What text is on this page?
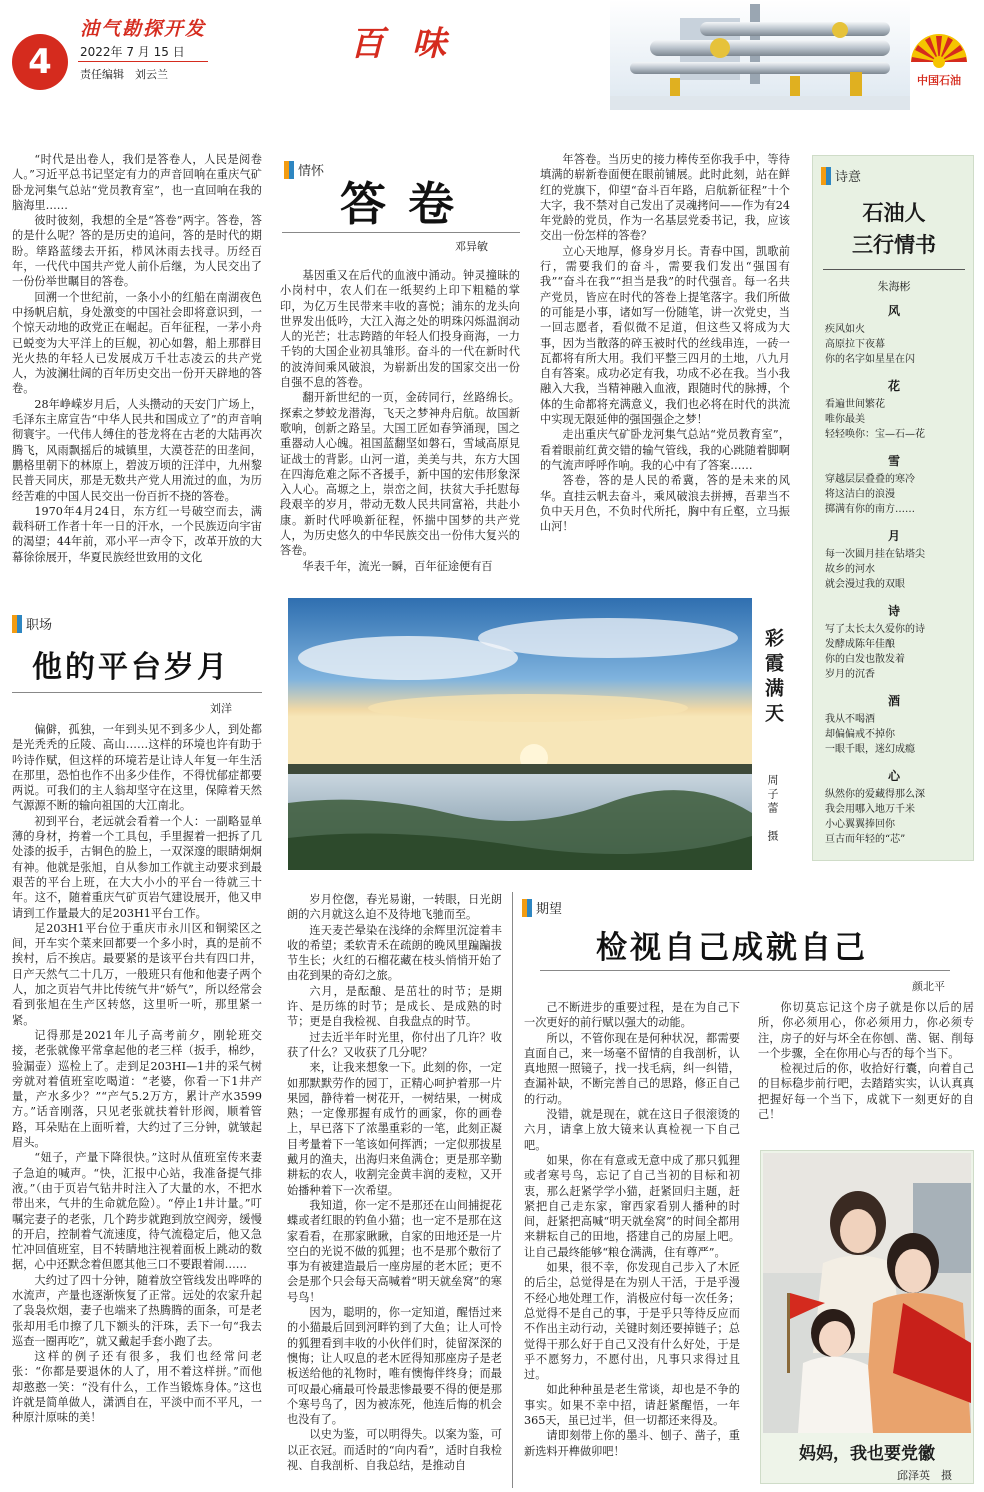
4
油气勘探开发
2022年 7 月 15 日
责任编辑　刘云兰
百味
中国石油

“时代是出卷人，我们是答卷人，人民是阅卷人。”习近平总书记坚定有力的声音回响在重庆气矿卧龙河集气总站“党员教育室”，也一直回响在我的脑海里……

彼时彼刻，我想的全是“答卷”两字。答卷，答的是什么呢？答的是历史的追问，答的是时代的期盼。筚路蓝缕去开拓，栉风沐雨去找寻。历经百年，一代代中国共产党人前仆后继，为人民交出了一份份举世瞩目的答卷。

回溯一个世纪前，一条小小的红船在南湖夜色中扬帆启航，身处激变的中国社会即将意识到，一个惊天动地的政党正在崛起。百年征程，一茅小舟已蜕变为大平洋上的巨舰，初心如磐，船上那群目光火热的年轻人已发展成万千壮志凌云的共产党人，为波澜壮阔的百年历史交出一份开天辟地的答卷。

28年峥嵘岁月后，人头攒动的天安门广场上，毛泽东主席宣告“中华人民共和国成立了”的声音响彻寰宇。一代伟人缚住的苍龙将在古老的大陆再次腾飞，风雨飘摇后的城镇里，大漠苍茫的田垄间，鹏格里朝下的林原上，碧波万顷的汪洋中，九州黎民普天同庆，那是无数共产党人用流过的血，为历经苦难的中国人民交出一份百折不挠的答卷。

1970年4月24日，东方红一号破空而去，满载科研工作者十年一日的汗水，一个民族迈向宇宙的渴望；44年前，邓小平一声令下，改革开放的大幕徐徐展开，华夏民族经世致用的文化

情怀
答卷
邓异敏

基因重又在后代的血液中涌动。钟灵撞昧的小岗村中，农人们在一纸契约上印下粗糙的掌印，为亿万生民带来丰收的喜悦；浦东的龙头向世界发出低吟，大江入海之处的明珠闪烁温润动人的光芒；壮志跨踏的年轻人们投身商海，一力千钧的大国企业初具雏形。奋斗的一代在新时代的波涛间乘风破浪，为崭新出发的国家交出一份自强不息的答卷。

翻开新世纪的一页，金砖同行，丝路绵长。探索之梦蛟龙潜海，飞天之梦神舟启航。故国新歌响，创新之路呈。大国工匠如春笋涌现，国之重器动人心魄。祖国蓝翻坚如磐石，雪域高原見证战士的背影。山河一道，美美与共，东方大国在四海危难之际不吝援手，新中国的宏伟形象深入人心。高塬之上，崇峦之间，扶贫大手托慰每段艰辛的岁月，带动无数人民共同富裕，共赴小康。新时代呼唤新征程，怀揣中国梦的共产党人，为历史悠久的中华民族交出一份伟大复兴的答卷。

华表千年，流光一瞬，百年征途便有百

年答卷。当历史的接力棒传至你我手中，等待填满的崭新卷面便在眼前铺展。此时此刻，站在鲜红的党旗下，仰望“奋斗百年路，启航新征程”十个大字，我不禁对自己发出了灵魂拷问——作为有24年党龄的党员，作为一名基层党委书记，我，应该交出一份怎样的答卷？

立心天地厚，修身岁月长。青春中国，凯歌前行，需要我们的奋斗，需要我们发出“强国有我”“奋斗在我”“担当是我”的时代强音。每一名共产党员，皆应在时代的答卷上提笔落字。我们所做的可能是小事，诸如写一份随笔，讲一次党史，当一回志愿者，看似微不足道，但这些又将成为大事，因为当散落的碎玉被时代的丝线串连，一砖一瓦都将有所大用。我们平整三四月的土地，八九月自有答案。成功必定有我，功成不必在我。当小我融入大我，当精神融入血液，跟随时代的脉搏，个体的生命都将充满意义，我们也必将在时代的洪流中实现无限延伸的强国强企之梦！

走出重庆气矿卧龙河集气总站“党员教育室”，看着眼前红黄交错的输气管线，我的心跳随着脚啊的气流声呼呼作响。我的心中有了答案……

答卷，答的是人民的希冀，答的是未来的风华。直挂云帆去奋斗，乘风破浪去拼搏，吾辈当不负中天月色，不负时代所托，胸中有丘壑，立马振山河！

诗意
石油人
三行情书
朱海彬
风
疾风如火
高原拉下夜幕
你的名字如星星在闪
花
看遍世间繁花
唯你最美
轻轻唤你：宝—石—花
雪
穿越层层叠叠的寒冷
将这洁白的浪漫
掷满有你的南方……
月
每一次圆月挂在钻塔尖
故乡的河水
就会漫过我的双眼
诗
写了太长太久爱你的诗
发酵成陈年佳酿
你的白发也散发着
岁月的沉香
酒
我从不喝酒
却偏偏戒不掉你
一眼千眼，迷幻成瘾
心
纵然你的爱藏得那么深
我会用哪入地万千米
小心翼翼捧回你
亘古而年轻的“芯”
职场
他的平台岁月
刘洋

偏僻，孤独，一年到头见不到多少人，到处都是光秃秃的丘陵、高山……这样的环境也许有助于吟诗作赋，但这样的环境若是让诗人年复一年生活在那里，恐怕也作不出多少佳作，不得忧郁症都要两说。可我们的主人翁却坚守在这里，保障着天然气源源不断的输向祖国的大江南北。

初到平台，老远就会看着一个人：一副略显单薄的身材，挎着一个工具包，手里握着一把拆了几处漆的扳手，古铜色的脸上，一双深邃的眼睛炯炯有神。他就是张旭，自从参加工作就主动要求到最艰苦的平台上班，在大大小小的平台一待就三十年。这不，随着重庆气矿页岩气建设展开，他又申请到工作量最大的足203H1平台工作。

足203H1平台位于重庆市永川区和铜梁区之间，开车实个菜来回都要一个多小时，真的是前不挨村，后不挨店。最要紧的是该平台共有四口井，日产天然气二十几万，一般班只有他和他妻子两个人，加之页岩气井比传统气井“娇气”，所以经常会看到张旭在生产区转悠，这里听一听，那里紧一紧。

记得那是2021年儿子高考前夕，刚轮班交接，老张就像平常拿起他的老三样（扳手，棉纱，验漏壶）巡检上了。走到足203HI—1井的采气树旁就对着值班室吃喝道：“老婆，你看一下1井产量，产水多少？”“产气5.2万方，累计产水3599方。”话音刚落，只见老张就扶着针形阀，顺着管路，耳朵贴在上面听着，大约过了三分钟，就皱起眉头。

“妞子，产量下降很快。”这时从值班室传来妻子急迫的喊声。“快，汇报中心站，我准备提气排液。”（由于页岩气钻井时注入了大量的水，不把水带出来，气井的生命就危险）。“停止1井计量。”叮嘱完妻子的老张，几个跨步就跑到放空阀旁，缓慢的开启，控制着气流速度，待气流稳定后，他又急忙冲回值班室，目不转睛地注视着面板上跳动的数据，心中还默念着但愿其他三口不要跟着闹……

大约过了四十分钟，随着放空管线发出哗哗的水流声，产量也逐渐恢复了正常。远处的农家升起了袅袅炊烟，妻子也端来了热腾腾的面条，可是老张却用毛巾擦了几下额头的汗珠，丢下一句“我去巡查一圈再吃”，就又戴起手套小跑了去。

这样的例子还有很多，我们也经常问老张：“你都是要退休的人了，用不着这样拼。”而他却憨憨一笑：“没有什么，工作当锻炼身体。”这也许就是简单做人，潇洒自在，平淡中而不平凡，一种原汁原味的美！

彩霞满天
周子蕾　摄

岁月倥偬，春光易谢，一转眼，日光朗朗的六月就这么迫不及待地飞驰而至。

连天麦芒晕染在浅绛的余辉里沉淀着丰收的希望；柔软青禾在疏朗的晚风里蹁蹁拔节生长；火红的石榴花藏在枝头悄悄开始了由花到果的奇幻之旅。

六月，是酝酿、是茁壮的时节；是期许、是历练的时节；是成长、是成熟的时节；更是自我检视、自我盘点的时节。

过去近半年时光里，你付出了几许？收获了什么？又收获了几分呢？

来，让我来想象一下。此刻的你，一定如那默默劳作的园丁，正精心呵护着那一片果园，静待着一树花开，一树结果，一树成熟；一定像那握有成竹的画家，你的画卷上，早已落下了浓墨重彩的一笔，此刻正凝目考量着下一笔该如何挥洒；一定似那拔星戴月的渔夫，出海归来鱼满仓；更是那辛勤耕耘的农人，收割完金黄丰润的麦粒，又开始播种着下一次希望。

我知道，你一定不是那还在山间捕捉花蝶或者红眼的钓鱼小猫；也一定不是那在这家看看，在那家瞅瞅，自家的田地还是一片空白的光说不做的狐狸；也不是那个敷衍了事为有被建造最后一座房屋的老木匠；更不会是那个只会每天高喊着“明天就垒窝”的寒号鸟！

因为，聪明的，你一定知道，醒悟过来的小猫最后回到河畔钓到了大鱼；让人可怜的狐狸看到丰收的小伙伴们时，徒留深深的懊悔；让人叹息的老木匠得知那座房子是老板送给他的礼物时，唯有懊悔伴终身；而最可叹最心痛最可怜最悲惨最要不得的便是那个寒号鸟了，因为被冻死，他连后悔的机会也没有了。

以史为鉴，可以明得失。以案为鉴，可以正衣冠。而适时的“向内看”，适时自我检视、自我剖析、自我总结，是推动自

期望
检视自己成就自己
颜北平

己不断进步的重要过程，是在为自己下一次更好的前行赋以强大的动能。

所以，不管你现在是何种状况，都需要直面自己，来一场毫不留情的自我剖析，认真地照一照镜子，找一找毛病，纠一纠错，查漏补缺，不断完善自己的思路，修正自己的行动。

没错，就是现在，就在这日子很滚烫的六月，请拿上放大镜来认真检视一下自己吧。

如果，你在有意或无意中成了那只狐狸或者寒号鸟，忘记了自己当初的目标和初衷，那么赶紧学学小猫，赶紧回归主题，赶紧把自己走东家，窜西家看别人播种的时间，赶紧把高喊“明天就垒窝”的时间全都用来耕耘自己的田地，搭建自己的房屋上吧。让自己最终能够“粮仓满满，住有尊严”。

如果，很不幸，你发现自己步入了木匠的后尘，总觉得是在为别人干活，于是乎漫不经心地处理工作，消极应付每一次任务；总觉得不是自己的事，于是乎只等待反应而不作出主动行动，关键时刻还要掉链子；总觉得干那么好于自己又没有什么好处，于是乎不愿努力，不愿付出，凡事只求得过且过。

如此种种虽是老生常谈，却也是不争的事实。如果不幸中招，请赶紧醒悟，一年365天，虽已过半，但一切都还来得及。

请即刻带上你的墨斗、刨子、凿子，重新选料开榫做卯吧！

你切莫忘记这个房子就是你以后的居所，你必须用心，你必须用力，你必须专注，房子的好与坏全在你刨、凿、锯、削每一个步骤，全在你用心与否的每个当下。

检视过后的你，收拾好行囊，向着自己的目标稳步前行吧，去踏踏实实，认认真真把握好每一个当下，成就下一刻更好的自己！

妈妈，我也要党徽
邱泽英　摄
